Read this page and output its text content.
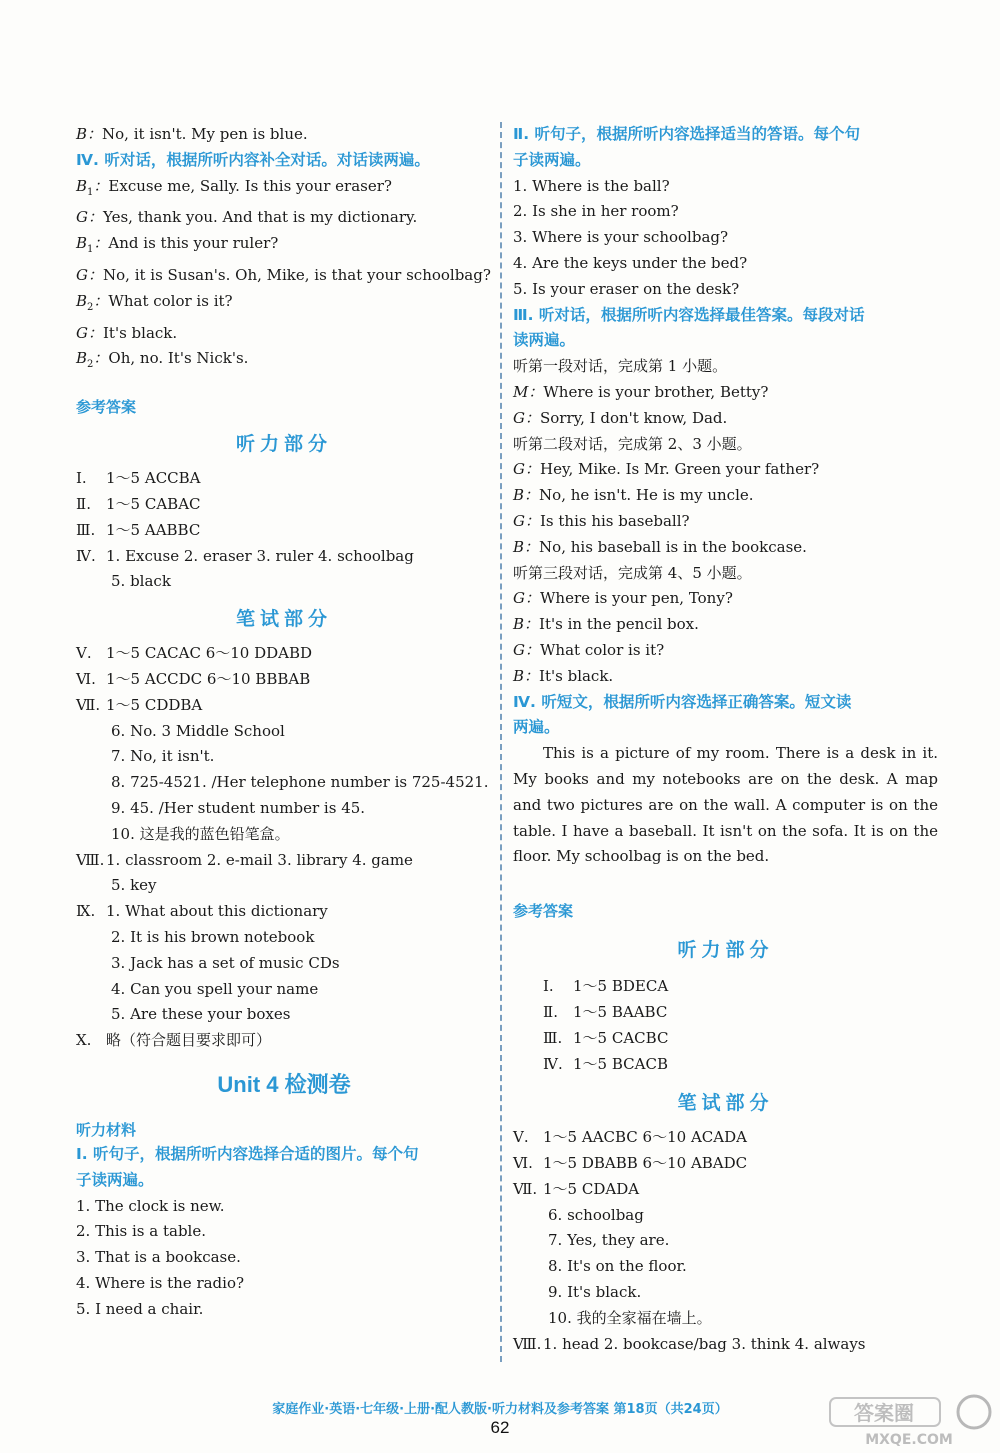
B：No, it isn't. My pen is blue.
Ⅳ. 听对话，根据所听内容补全对话。对话读两遍。
$B_1$：Excuse me, Sally. Is this your eraser?
G：Yes, thank you. And that is my dictionary.
$B_1$：And is this your ruler?
G：No, it is Susan's. Oh, Mike, is that your schoolbag?
$B_2$：What color is it?
G：It's black.
$B_2$：Oh, no. It's Nick's.
参考答案
听力部分
Ⅰ. 1～5 ACCBA
Ⅱ. 1～5 CABAC
Ⅲ. 1～5 AABBC
Ⅳ. 1. Excuse 2. eraser 3. ruler 4. schoolbag
5. black
笔试部分
Ⅴ. 1～5 CACAC 6～10 DDABD
Ⅵ. 1～5 ACCDC 6～10 BBBAB
Ⅶ. 1～5 CDDBA
6. No. 3 Middle School
7. No, it isn't.
8. 725-4521. /Her telephone number is 725-4521.
9. 45. /Her student number is 45.
10. 这是我的蓝色铅笔盒。
Ⅷ. 1. classroom 2. e-mail 3. library 4. game
5. key
Ⅸ. 1. What about this dictionary
2. It is his brown notebook
3. Jack has a set of music CDs
4. Can you spell your name
5. Are these your boxes
Ⅹ. 略（符合题目要求即可）
Unit 4 检测卷
听力材料
Ⅰ. 听句子，根据所听内容选择合适的图片。每个句
子读两遍。
1. The clock is new.
2. This is a table.
3. That is a bookcase.
4. Where is the radio?
5. I need a chair.
Ⅱ. 听句子，根据所听内容选择适当的答语。每个句
子读两遍。
1. Where is the ball?
2. Is she in her room?
3. Where is your schoolbag?
4. Are the keys under the bed?
5. Is your eraser on the desk?
Ⅲ. 听对话，根据所听内容选择最佳答案。每段对话
读两遍。
听第一段对话，完成第 1 小题。
M：Where is your brother, Betty?
G：Sorry, I don't know, Dad.
听第二段对话，完成第 2、3 小题。
G：Hey, Mike. Is Mr. Green your father?
B：No, he isn't. He is my uncle.
G：Is this his baseball?
B：No, his baseball is in the bookcase.
听第三段对话，完成第 4、5 小题。
G：Where is your pen, Tony?
B：It's in the pencil box.
G：What color is it?
B：It's black.
Ⅳ. 听短文，根据所听内容选择正确答案。短文读
两遍。
This is a picture of my room. There is a desk in it. My books and my notebooks are on the desk. A map and two pictures are on the wall. A computer is on the table. I have a baseball. It isn't on the sofa. It is on the floor. My schoolbag is on the bed.
参考答案
听力部分
Ⅰ. 1～5 BDECA
Ⅱ. 1～5 BAABC
Ⅲ. 1～5 CACBC
Ⅳ. 1～5 BCACB
笔试部分
Ⅴ. 1～5 AACBC 6～10 ACADA
Ⅵ. 1～5 DBABB 6～10 ABADC
Ⅶ. 1～5 CDADA
6. schoolbag
7. Yes, they are.
8. It's on the floor.
9. It's black.
10. 我的全家福在墙上。
Ⅷ. 1. head 2. bookcase/bag 3. think 4. always
家庭作业·英语·七年级·上册·配人教版·听力材料及参考答案 第18页（共24页）
62
答案圈
MXQE.COM
